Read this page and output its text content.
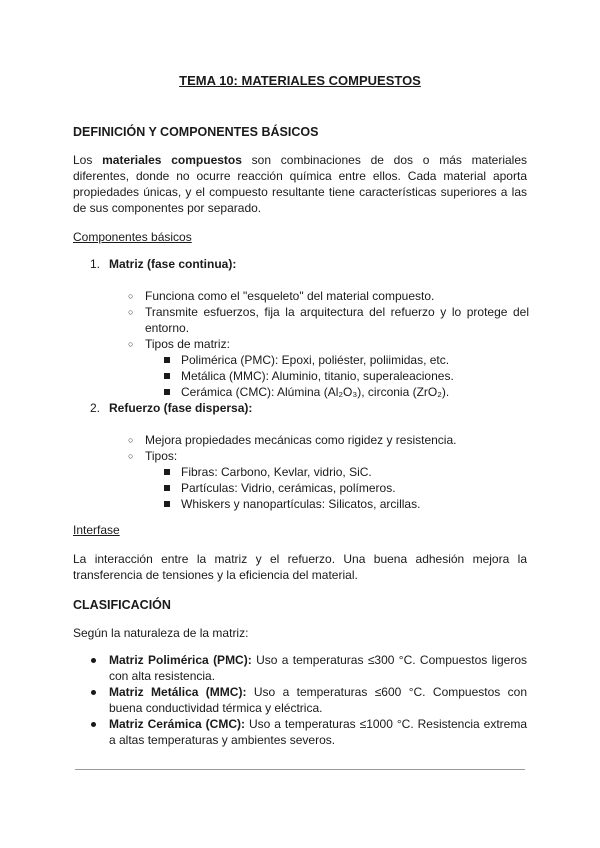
TEMA 10: MATERIALES COMPUESTOS
DEFINICIÓN Y COMPONENTES BÁSICOS

Los materiales compuestos son combinaciones de dos o más materiales diferentes, donde no ocurre reacción química entre ellos. Cada material aporta propiedades únicas, y el compuesto resultante tiene características superiores a las de sus componentes por separado.

Componentes básicos
1. Matriz (fase continua):
○ Funciona como el "esqueleto" del material compuesto.
○ Transmite esfuerzos, fija la arquitectura del refuerzo y lo protege del entorno.

○ Tipos de matriz:
Polimérica (PMC): Epoxi, poliéster, poliimidas, etc.
Metálica (MMC): Aluminio, titanio, superaleaciones.
Cerámica (CMC): Alúmina (Al₂O₃), circonia (ZrO₂).
2. Refuerzo (fase dispersa):
○ Mejora propiedades mecánicas como rigidez y resistencia.
○ Tipos:
Fibras: Carbono, Kevlar, vidrio, SiC.
Partículas: Vidrio, cerámicas, polímeros.
Whiskers y nanopartículas: Silicatos, arcillas.
Interfase

La interacción entre la matriz y el refuerzo. Una buena adhesión mejora la transferencia de tensiones y la eficiencia del material.

CLASIFICACIÓN
Según la naturaleza de la matriz:

Matriz Polimérica (PMC): Uso a temperaturas ≤300 °C. Compuestos ligeros con alta resistencia.

Matriz Metálica (MMC): Uso a temperaturas ≤600 °C. Compuestos con buena conductividad térmica y eléctrica.

Matriz Cerámica (CMC): Uso a temperaturas ≤1000 °C. Resistencia extrema a altas temperaturas y ambientes severos.
